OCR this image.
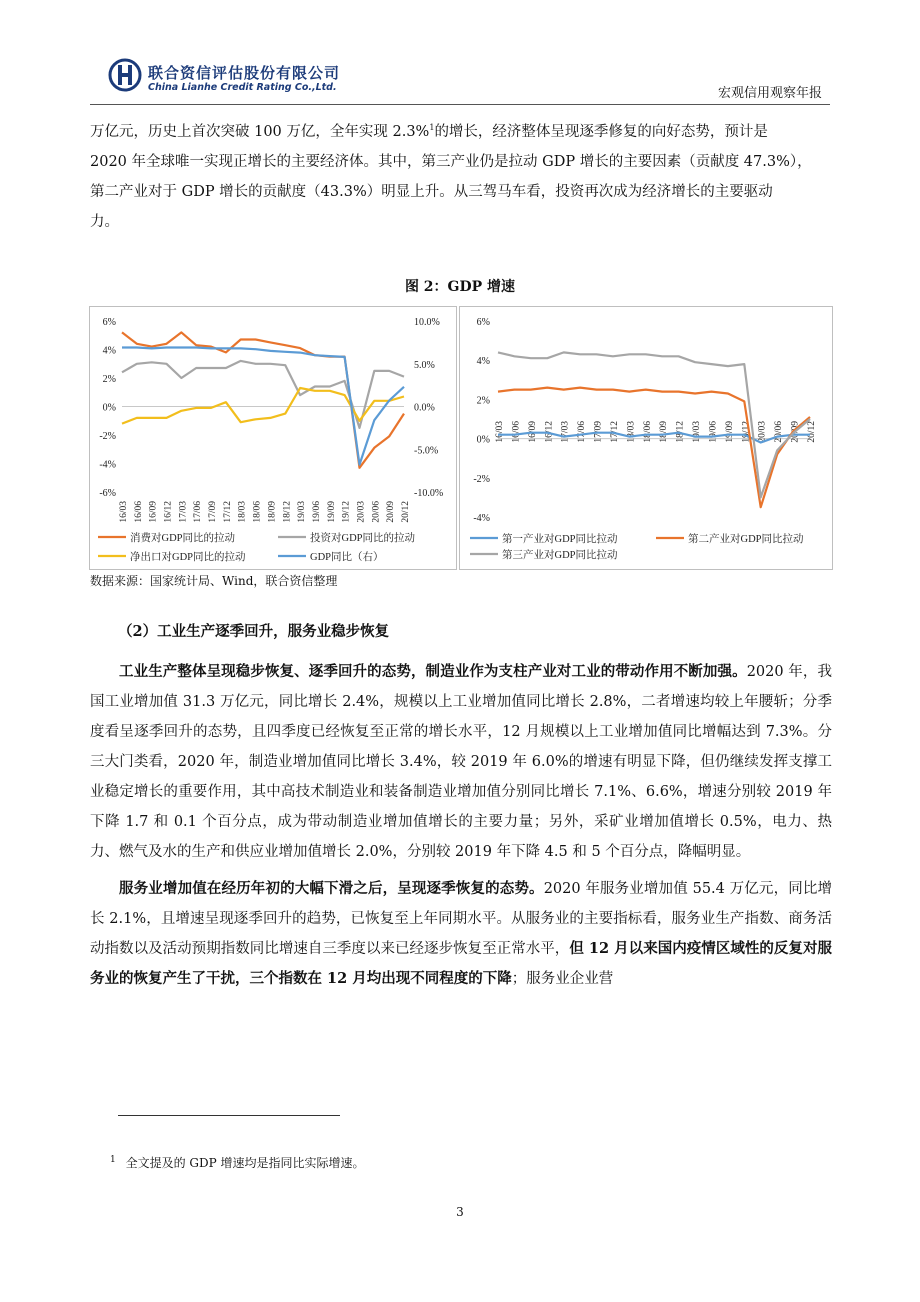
联合资信评估股份有限公司
China Lianhe Credit Rating Co.,Ltd.	宏观信用观察年报

万亿元，历史上首次突破 100 万亿，全年实现 2.3%$^1$的增长，经济整体呈现逐季修复的向好态势，预计是

2020 年全球唯一实现正增长的主要经济体。其中，第三产业仍是拉动 GDP 增长的主要因素（贡献度 47.3%），

第二产业对于 GDP 增长的贡献度（43.3%）明显上升。从三驾马车看，投资再次成为经济增长的主要驱动

力。

图 2：GDP 增速
6%
4%
2%
0%
-2%
-4%
-6%
10.0%
5.0%
0.0%
-5.0%
-10.0%
16/03 16/06 16/09 16/12 17/03 17/06 17/09 17/12 18/03 18/06 18/09 18/12 19/03 19/06 19/09 19/12 20/03 20/06 20/09 20/12
消费对GDP同比的拉动	投资对GDP同比的拉动
净出口对GDP同比的拉动	GDP同比（右）
6%
4%
2%
0%
-2%
-4%
16/03 16/06 16/09 16/12 17/03 17/06 17/09 17/12 18/03 18/06 18/09 18/12 19/03 19/06 19/09 19/12 20/03 20/06 20/09 20/12
第一产业对GDP同比拉动	第二产业对GDP同比拉动
第三产业对GDP同比拉动
数据来源：国家统计局、Wind，联合资信整理
（2）工业生产逐季回升，服务业稳步恢复

工业生产整体呈现稳步恢复、逐季回升的态势，制造业作为支柱产业对工业的带动作用不断加强。2020 年，我国工业增加值 31.3 万亿元，同比增长 2.4%，规模以上工业增加值同比增长 2.8%，二者增速均较上年腰斩；分季度看呈逐季回升的态势，且四季度已经恢复至正常的增长水平，12 月规模以上工业增加值同比增幅达到 7.3%。分三大门类看，2020 年，制造业增加值同比增长 3.4%，较 2019 年 6.0%的增速有明显下降，但仍继续发挥支撑工业稳定增长的重要作用，其中高技术制造业和装备制造业增加值分别同比增长 7.1%、6.6%，增速分别较 2019 年下降 1.7 和 0.1 个百分点，成为带动制造业增加值增长的主要力量；另外，采矿业增加值增长 0.5%，电力、热力、燃气及水的生产和供应业增加值增长 2.0%，分别较 2019 年下降 4.5 和 5 个百分点，降幅明显。

服务业增加值在经历年初的大幅下滑之后，呈现逐季恢复的态势。2020 年服务业增加值 55.4 万亿元，同比增长 2.1%，且增速呈现逐季回升的趋势，已恢复至上年同期水平。从服务业的主要指标看，服务业生产指数、商务活动指数以及活动预期指数同比增速自三季度以来已经逐步恢复至正常水平，但 12 月以来国内疫情区域性的反复对服务业的恢复产生了干扰，三个指数在 12 月均出现不同程度的下降；服务业企业营

$^1$ 全文提及的 GDP 增速均是指同比实际增速。
3
